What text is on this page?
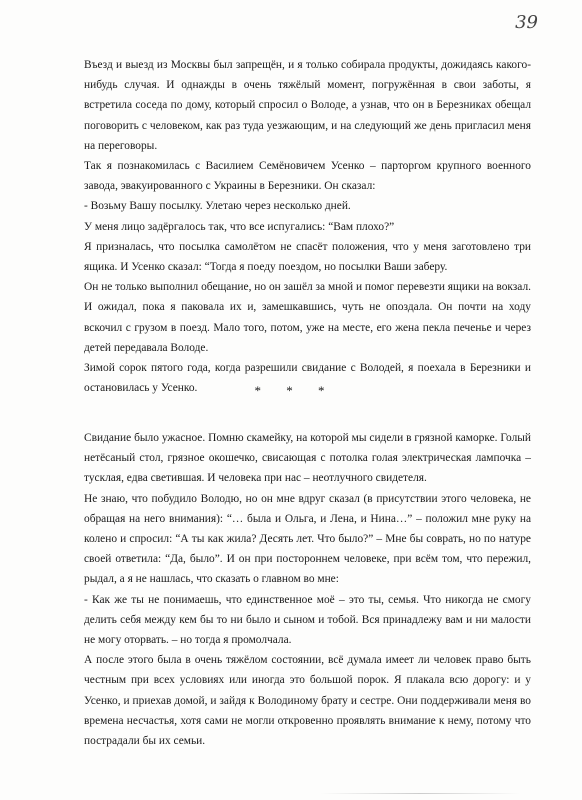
39

Въезд и выезд из Москвы был запрещён, и я только собирала продукты, дожидаясь какого-нибудь случая. И однажды в очень тяжёлый момент, погружённая в свои заботы, я встретила соседа по дому, который спросил о Володе, а узнав, что он в Березниках обещал поговорить с человеком, как раз туда уезжающим, и на следующий же день пригласил меня на переговоры.

Так я познакомилась с Василием Семёновичем Усенко – парторгом крупного военного завода, эвакуированного с Украины в Березники. Он сказал:

- Возьму Вашу посылку. Улетаю через несколько дней.

У меня лицо задёргалось так, что все испугались: “Вам плохо?”

Я призналась, что посылка самолётом не спасёт положения, что у меня заготовлено три ящика. И Усенко сказал: “Тогда я поеду поездом, но посылки Ваши заберу.

Он не только выполнил обещание, но он зашёл за мной и помог перевезти ящики на вокзал. И ожидал, пока я паковала их и, замешкавшись, чуть не опоздала. Он почти на ходу вскочил с грузом в поезд. Мало того, потом, уже на месте, его жена пекла печенье и через детей передавала Володе.

Зимой сорок пятого года, когда разрешили свидание с Володей, я поехала в Березники и остановилась у Усенко.	* * *

Свидание было ужасное. Помню скамейку, на которой мы сидели в грязной каморке. Голый нетёсаный стол, грязное окошечко, свисающая с потолка голая электрическая лампочка – тусклая, едва светившая. И человека при нас – неотлучного свидетеля.

Не знаю, что побудило Володю, но он мне вдруг сказал (в присутствии этого человека, не обращая на него внимания): “… была и Ольга, и Лена, и Нина…” – положил мне руку на колено и спросил: “А ты как жила? Десять лет. Что было?” – Мне бы соврать, но по натуре своей ответила: “Да, было”. И он при постороннем человеке, при всём том, что пережил, рыдал, а я не нашлась, что сказать о главном во мне:

- Как же ты не понимаешь, что единственное моё – это ты, семья. Что никогда не смогу делить себя между кем бы то ни было и сыном и тобой. Вся принадлежу вам и ни малости не могу оторвать. – но тогда я промолчала.

А после этого была в очень тяжёлом состоянии, всё думала имеет ли человек право быть честным при всех условиях или иногда это большой порок. Я плакала всю дорогу: и у Усенко, и приехав домой, и зайдя к Володиному брату и сестре. Они поддерживали меня во времена несчастья, хотя сами не могли откровенно проявлять внимание к нему, потому что пострадали бы их семьи.
